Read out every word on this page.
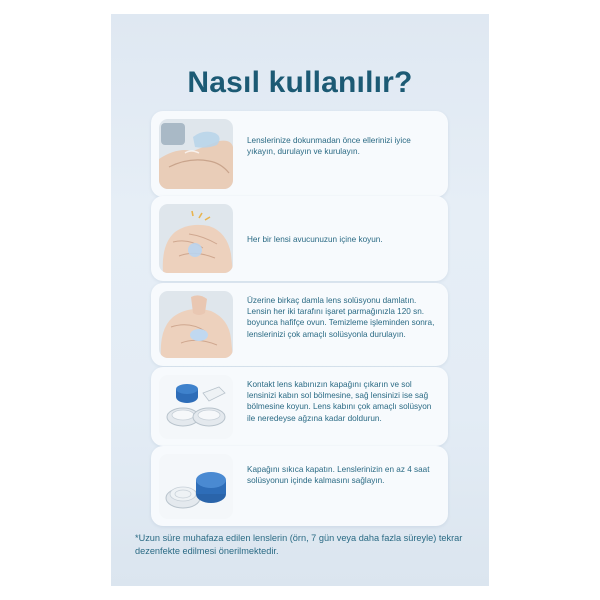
Nasıl kullanılır?
Lenslerinize dokunmadan önce ellerinizi iyice yıkayın, durulayın ve kurulayın.
Her bir lensi avucunuzun içine koyun.
Üzerine birkaç damla lens solüsyonu damlatın. Lensin her iki tarafını işaret parmağınızla 120 sn. boyunca hafifçe ovun. Temizleme işleminden sonra, lenslerinizi çok amaçlı solüsyonla durulayın.
Kontakt lens kabınızın kapağını çıkarın ve sol lensinizi kabın sol bölmesine, sağ lensinizi ise sağ bölmesine koyun. Lens kabını çok amaçlı solüsyon ile neredeyse ağzına kadar doldurun.
Kapağını sıkıca kapatın. Lenslerinizin en az 4 saat solüsyonun içinde kalmasını sağlayın.
*Uzun süre muhafaza edilen lenslerin (örn, 7 gün veya daha fazla süreyle) tekrar dezenfekte edilmesi önerilmektedir.
